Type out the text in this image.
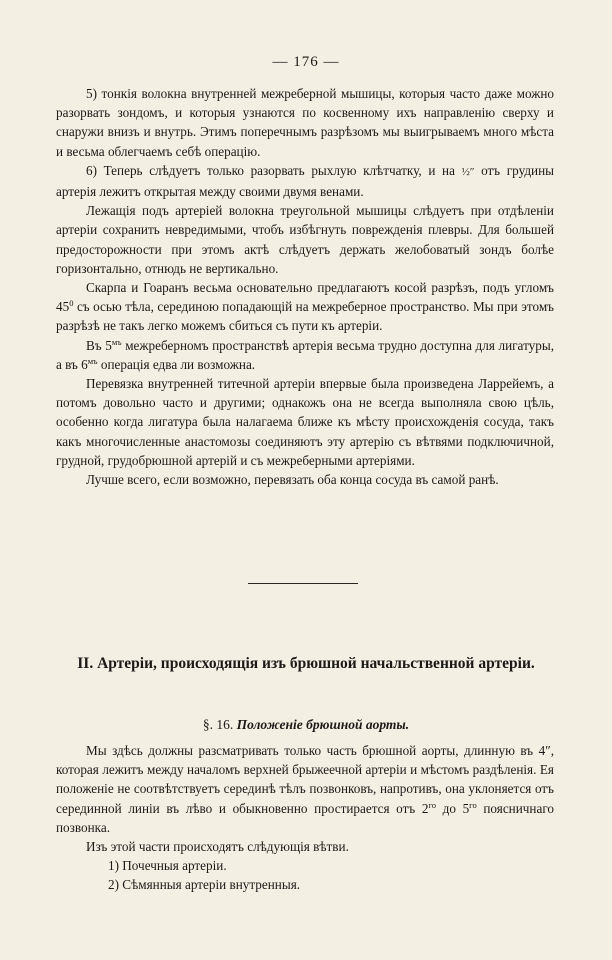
— 176 —

5) тонкія волокна внутренней межреберной мышицы, которыя часто даже можно разорвать зондомъ, и которыя узнаются по косвенному ихъ направленію сверху и снаружи внизъ и внутрь. Этимъ поперечнымъ разрѣзомъ мы выигрываемъ много мѣста и весьма облегчаемъ себѣ операцію.

6) Теперь слѣдуетъ только разорвать рыхлую клѣтчатку, и на ½″ отъ грудины артерія лежитъ открытая между своими двумя венами.

Лежащія подъ артеріей волокна треугольной мышицы слѣдуетъ при отдѣленіи артеріи сохранить невредимыми, чтобъ избѣгнуть поврежденія плевры. Для большей предосторожности при этомъ актѣ слѣдуетъ держать желобоватый зондъ болѣе горизонтально, отнюдь не вертикально.

Скарпа и Гоаранъ весьма основательно предлагаютъ косой разрѣзъ, подъ угломъ $45^0$ съ осью тѣла, серединою попадающій на межреберное пространство. Мы при этомъ разрѣзѣ не такъ легко можемъ сбиться съ пути къ артеріи.

Въ $5^{мъ}$ межреберномъ пространствѣ артерія весьма трудно доступна для лигатуры, а въ $6^{мъ}$ операція едва ли возможна.

Перевязка внутренней титечной артеріи впервые была произведена Ларрейемъ, а потомъ довольно часто и другими; однакожъ она не всегда выполняла свою цѣль, особенно когда лигатура была налагаема ближе къ мѣсту происхожденія сосуда, такъ какъ многочисленные анастомозы соединяютъ эту артерію съ вѣтвями подключичной, грудной, грудобрюшной артерій и съ межреберными артеріями.

Лучше всего, если возможно, перевязать оба конца сосуда въ самой ранѣ.

II. Артеріи, происходящія изъ брюшной начальственной артеріи.
§. 16. Положеніе брюшной аорты.

Мы здѣсь должны разсматривать только часть брюшной аорты, длинную въ 4″, которая лежитъ между началомъ верхней брыжеечной артеріи и мѣстомъ раздѣленія. Ея положеніе не соотвѣтствуетъ серединѣ тѣлъ позвонковъ, напротивъ, она уклоняется отъ серединной линіи въ лѣво и обыкновенно простирается отъ $2^{го}$ до $5^{го}$ поясничнаго позвонка.

Изъ этой части происходятъ слѣдующія вѣтви.

1) Почечныя артеріи.

2) Сѣмянныя артеріи внутренныя.
